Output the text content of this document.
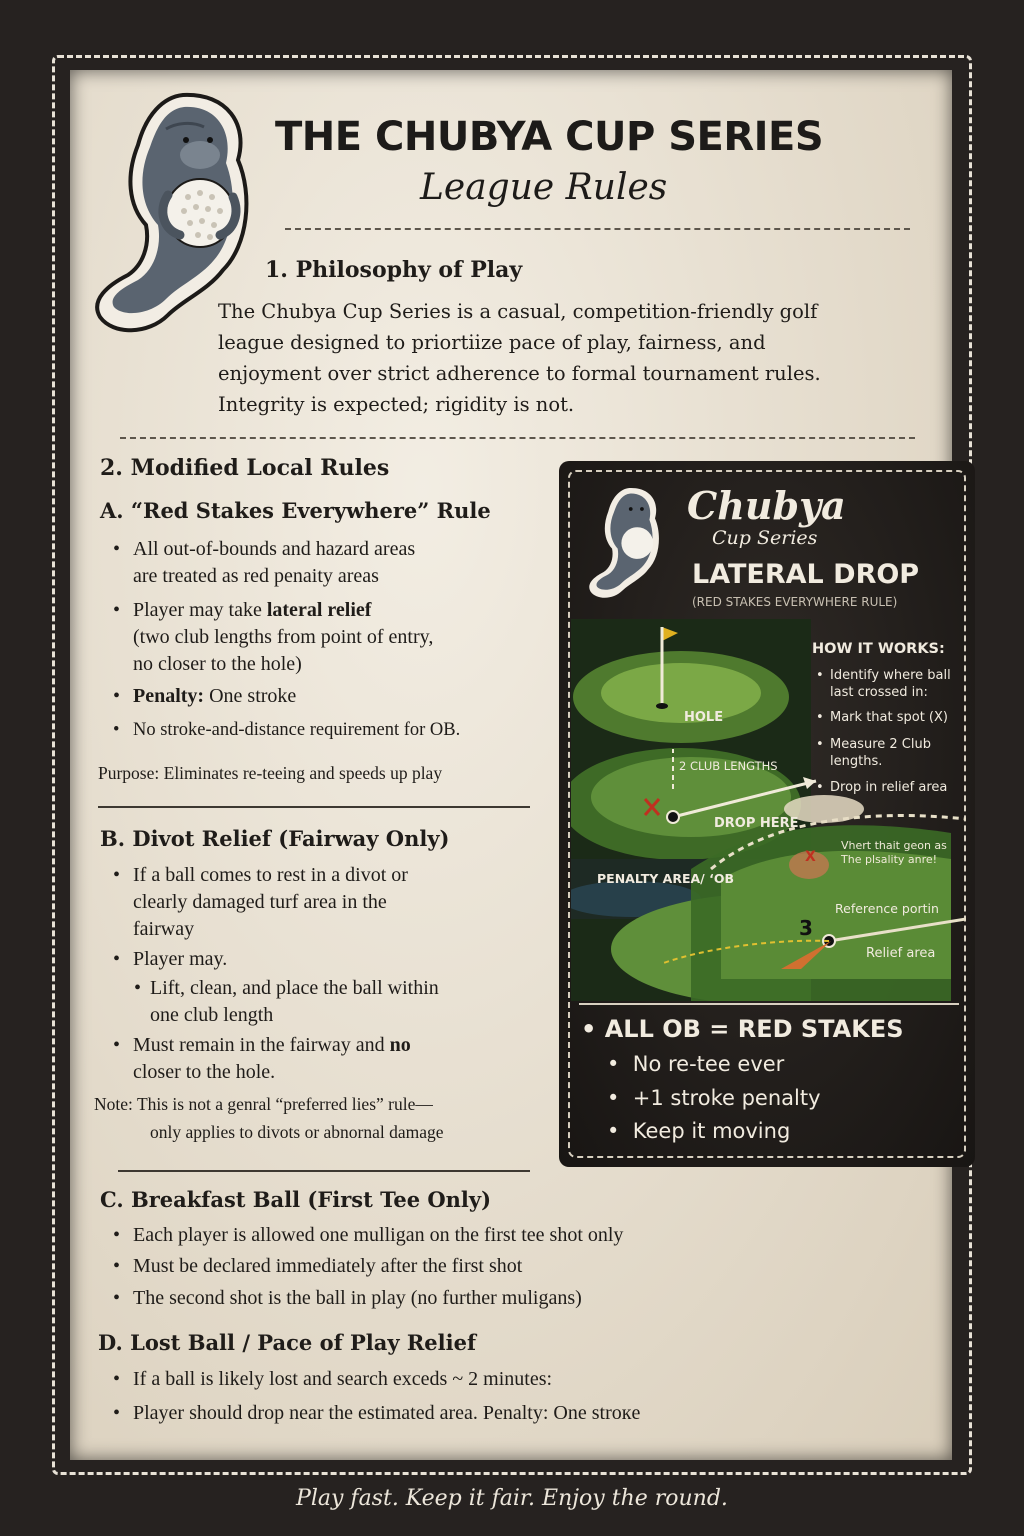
THE CHUBYA CUP SERIES
League Rules
1. Philosophy of Play
The Chubya Cup Series is a casual, competition-friendly golf
league designed to priortiize pace of play, fairness, and
enjoyment over strict adherence to formal tournament rules.
Integrity is expected; rigidity is not.
2. Modified Local Rules
A. “Red Stakes Everywhere” Rule
• All out-of-bounds and hazard areas
are treated as red penaity areas
• Player may take lateral relief
(two club lengths from point of entry,
no closer to the hole)
• Penalty: One stroke
• No stroke-and-distance requirement for OB.
Purpose: Eliminates re-teeing and speeds up play
B. Divot Relief (Fairway Only)
• If a ball comes to rest in a divot or
clearly damaged turf area in the
fairway
• Player may.
• Lift, clean, and place the ball within
one club length
• Must remain in the fairway and no
closer to the hole.
Note: This is not a genral “preferred lies” rule—
only applies to divots or abnornal damage
C. Breakfast Ball (First Tee Only)
• Each player is allowed one mulligan on the first tee shot only
• Must be declared immediately after the first shot
• The second shot is the ball in play (no further muligans)
D. Lost Ball / Pace of Play Relief
• If a ball is likely lost and search exceds ~ 2 minutes:
• Player should drop near the estimated area. Penalty: One stroкe
Chubya
Cup Series
LATERAL DROP
(RED STAKES EVERYWHERE RULE)
HOLE
2 CLUB LENGTHS
DROP HERE
PENALTY AREA/ ‘OB
Vhert thait geon as
The plsality anre!
X
Reference portin
Relief area
3
HOW IT WORKS:
• Identify where ball
last crossed in:
• Mark that spot (X)
• Measure 2 Club
lengths.
• Drop in relief area
• ALL OB = RED STAKES
•  No re-tee ever
•  +1 stroke penalty
•  Keep it moving
Play fast. Keep it fair. Enjoy the round.
